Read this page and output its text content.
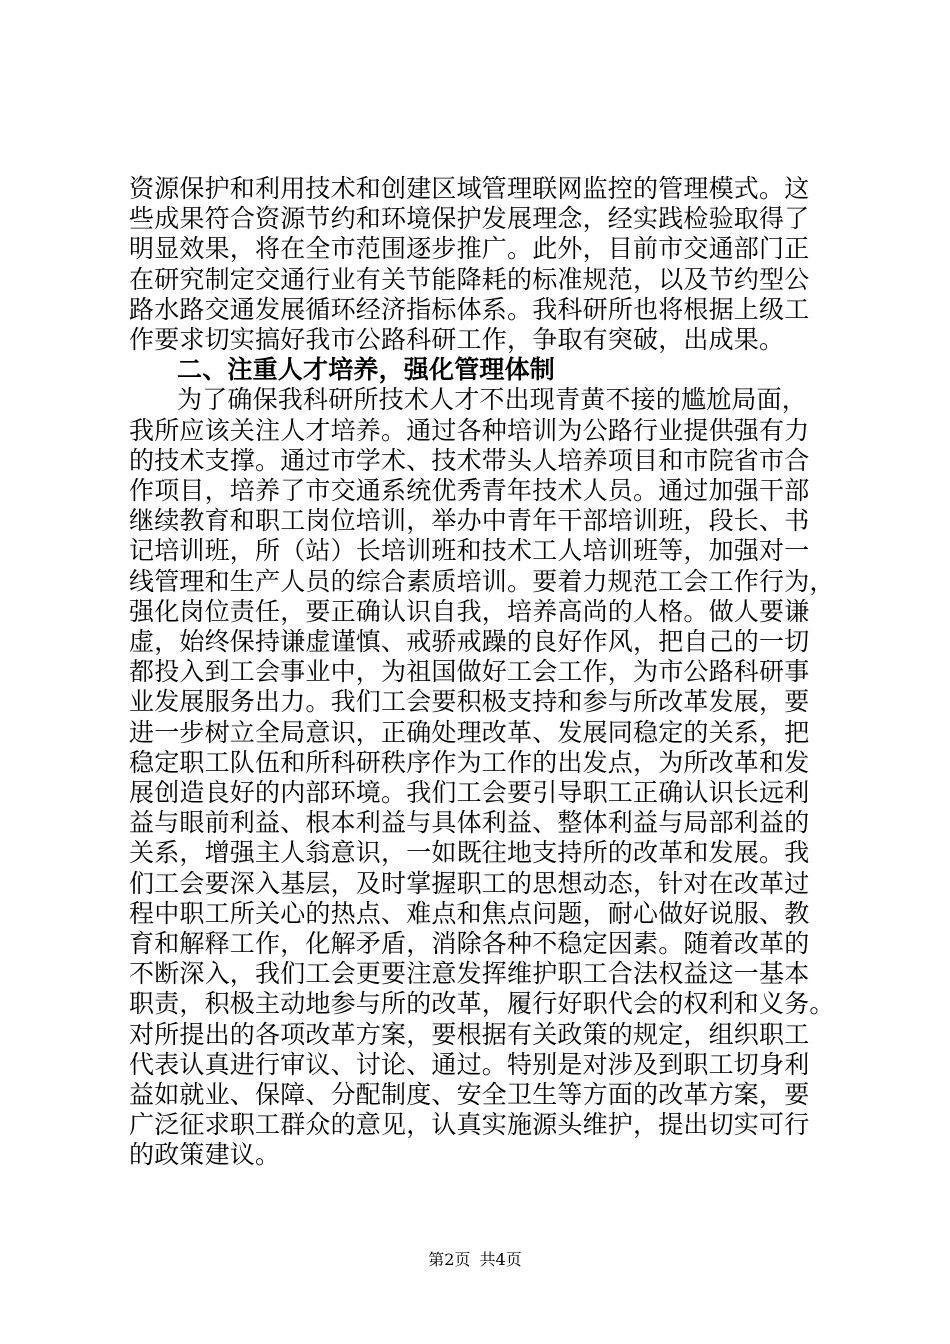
资源保护和利用技术和创建区域管理联网监控的管理模式。这
些成果符合资源节约和环境保护发展理念，经实践检验取得了
明显效果，将在全市范围逐步推广。此外，目前市交通部门正
在研究制定交通行业有关节能降耗的标准规范，以及节约型公
路水路交通发展循环经济指标体系。我科研所也将根据上级工
作要求切实搞好我市公路科研工作，争取有突破，出成果。
二、注重人才培养，强化管理体制
为了确保我科研所技术人才不出现青黄不接的尴尬局面，
我所应该关注人才培养。通过各种培训为公路行业提供强有力
的技术支撑。通过市学术、技术带头人培养项目和市院省市合
作项目，培养了市交通系统优秀青年技术人员。通过加强干部
继续教育和职工岗位培训，举办中青年干部培训班，段长、书
记培训班，所（站）长培训班和技术工人培训班等，加强对一
线管理和生产人员的综合素质培训。要着力规范工会工作行为，
强化岗位责任，要正确认识自我，培养高尚的人格。做人要谦
虚，始终保持谦虚谨慎、戒骄戒躁的良好作风，把自己的一切
都投入到工会事业中，为祖国做好工会工作，为市公路科研事
业发展服务出力。我们工会要积极支持和参与所改革发展，要
进一步树立全局意识，正确处理改革、发展同稳定的关系，把
稳定职工队伍和所科研秩序作为工作的出发点，为所改革和发
展创造良好的内部环境。我们工会要引导职工正确认识长远利
益与眼前利益、根本利益与具体利益、整体利益与局部利益的
关系，增强主人翁意识，一如既往地支持所的改革和发展。我
们工会要深入基层，及时掌握职工的思想动态，针对在改革过
程中职工所关心的热点、难点和焦点问题，耐心做好说服、教
育和解释工作，化解矛盾，消除各种不稳定因素。随着改革的
不断深入，我们工会更要注意发挥维护职工合法权益这一基本
职责，积极主动地参与所的改革，履行好职代会的权利和义务。
对所提出的各项改革方案，要根据有关政策的规定，组织职工
代表认真进行审议、讨论、通过。特别是对涉及到职工切身利
益如就业、保障、分配制度、安全卫生等方面的改革方案，要
广泛征求职工群众的意见，认真实施源头维护，提出切实可行
的政策建议。
第2页 共4页
